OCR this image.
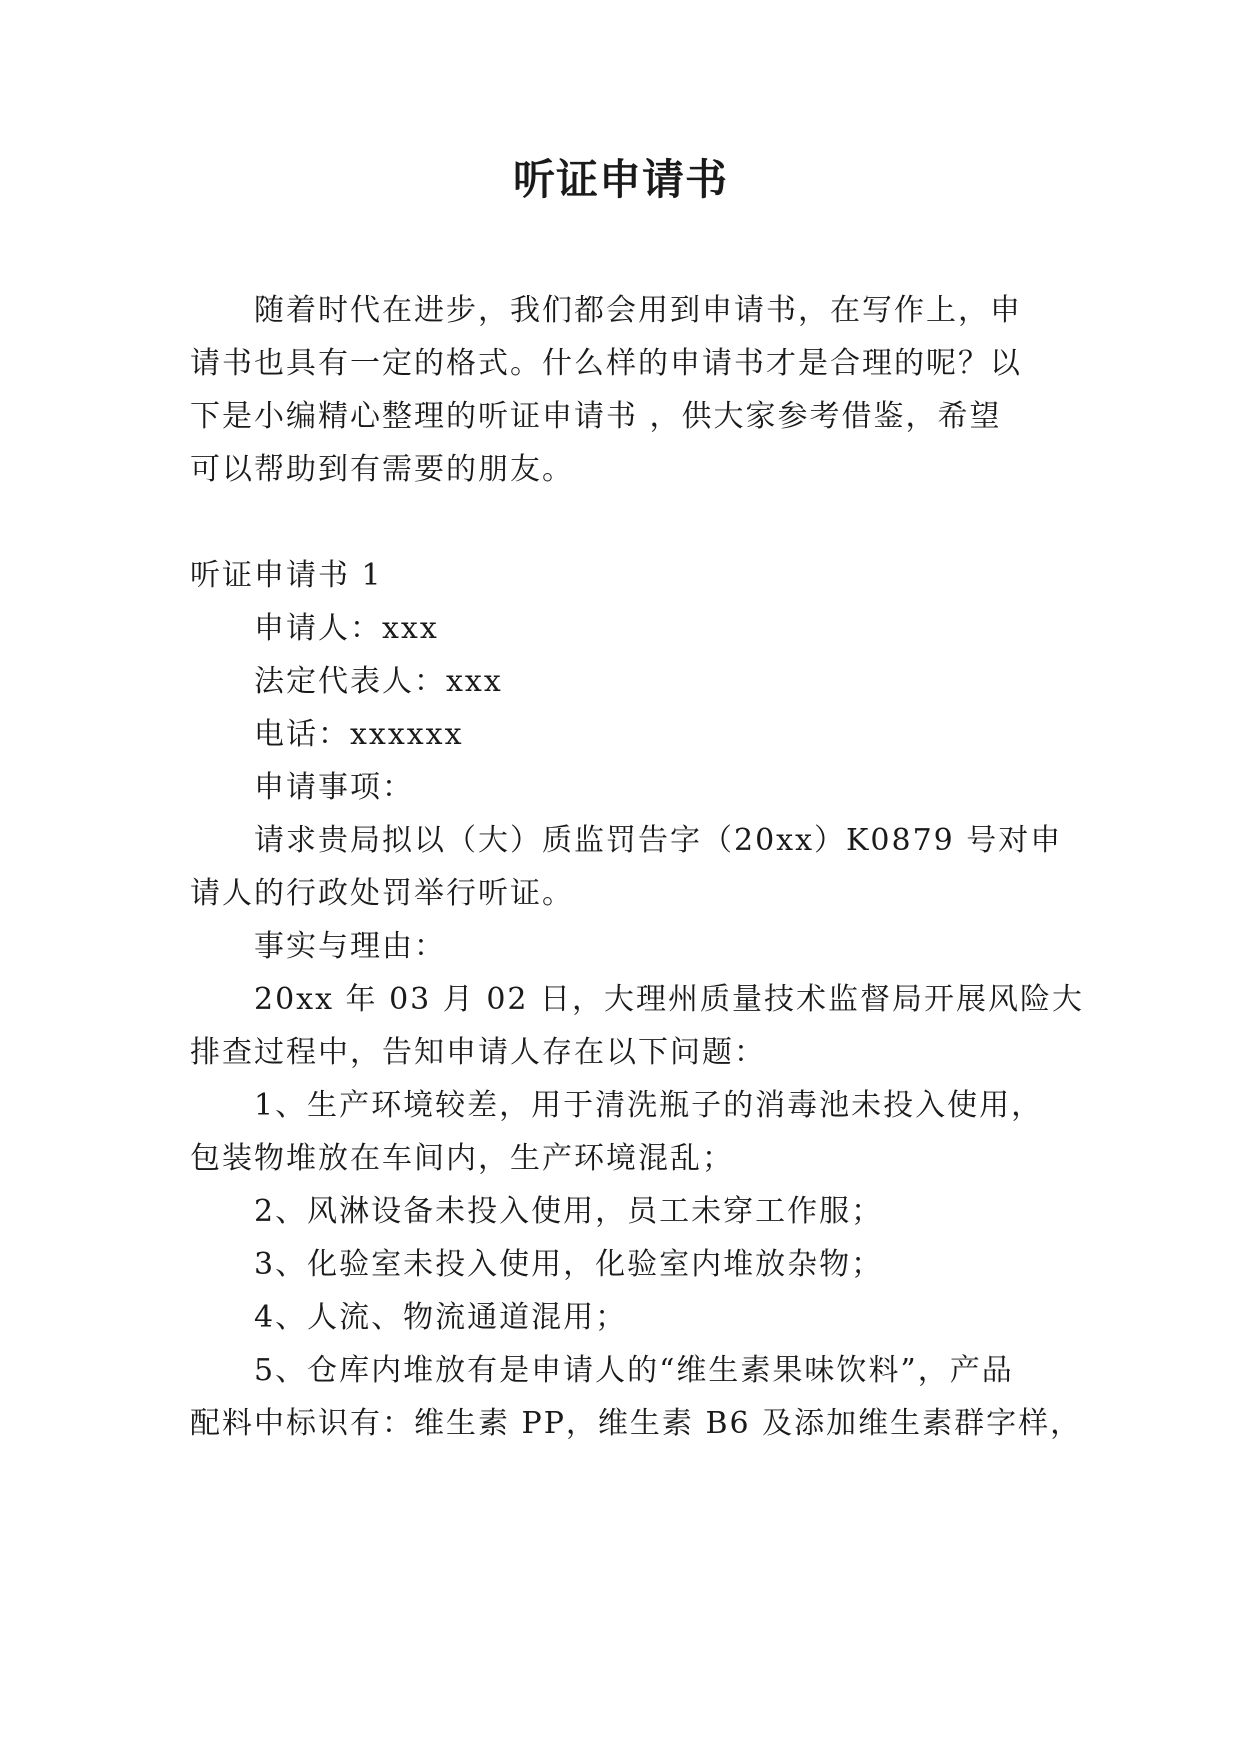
听证申请书

随着时代在进步，我们都会用到申请书，在写作上，申

请书也具有一定的格式。什么样的申请书才是合理的呢？以

下是小编精心整理的听证申请书 ，供大家参考借鉴，希望

可以帮助到有需要的朋友。

听证申请书 1

申请人：xxx

法定代表人：xxx

电话：xxxxxx

申请事项：

请求贵局拟以（大）质监罚告字（20xx）K0879 号对申

请人的行政处罚举行听证。

事实与理由：

20xx 年 03 月 02 日，大理州质量技术监督局开展风险大

排查过程中，告知申请人存在以下问题：

1、生产环境较差，用于清洗瓶子的消毒池未投入使用，

包装物堆放在车间内，生产环境混乱；

2、风淋设备未投入使用，员工未穿工作服；

3、化验室未投入使用，化验室内堆放杂物；

4、人流、物流通道混用；

5、仓库内堆放有是申请人的“维生素果味饮料”，产品

配料中标识有：维生素 PP，维生素 B6 及添加维生素群字样，
